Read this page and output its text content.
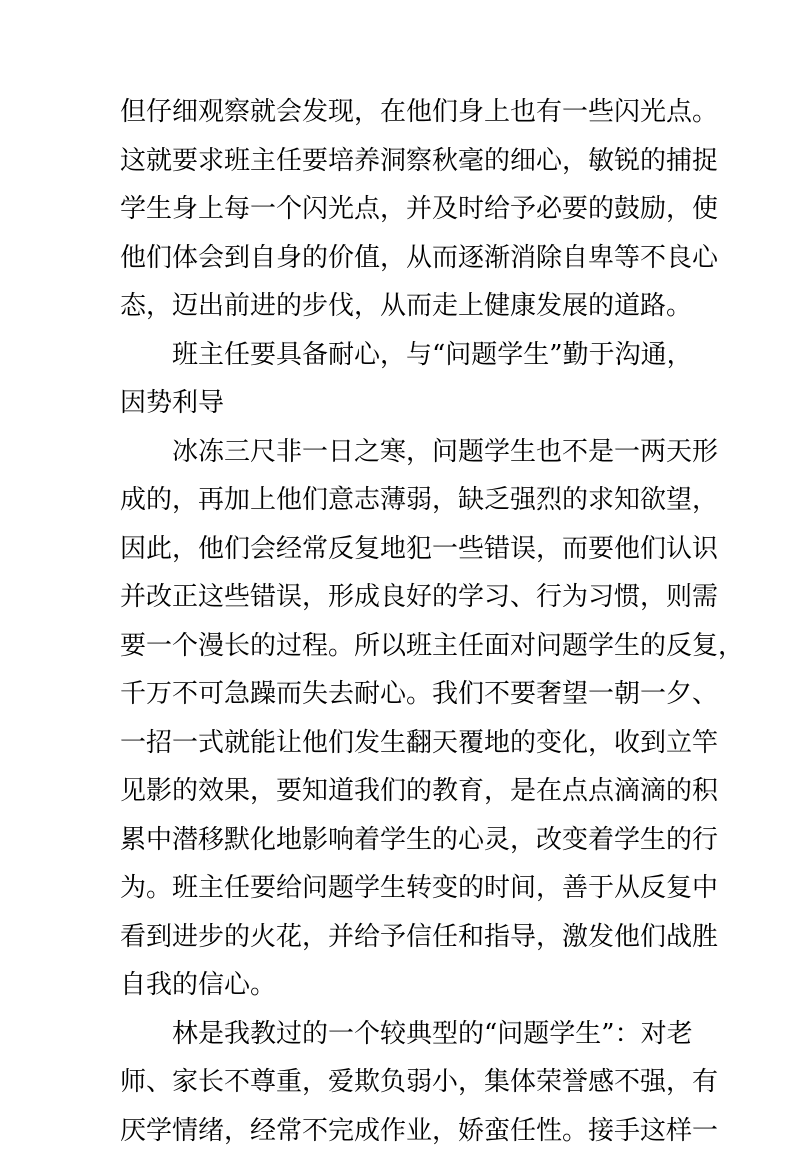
但仔细观察就会发现，在他们身上也有一些闪光点。
这就要求班主任要培养洞察秋毫的细心，敏锐的捕捉
学生身上每一个闪光点，并及时给予必要的鼓励，使
他们体会到自身的价值，从而逐渐消除自卑等不良心
态，迈出前进的步伐，从而走上健康发展的道路。
班主任要具备耐心，与“问题学生”勤于沟通，
因势利导
冰冻三尺非一日之寒，问题学生也不是一两天形
成的，再加上他们意志薄弱，缺乏强烈的求知欲望，
因此，他们会经常反复地犯一些错误，而要他们认识
并改正这些错误，形成良好的学习、行为习惯，则需
要一个漫长的过程。所以班主任面对问题学生的反复，
千万不可急躁而失去耐心。我们不要奢望一朝一夕、
一招一式就能让他们发生翻天覆地的变化，收到立竿
见影的效果，要知道我们的教育，是在点点滴滴的积
累中潜移默化地影响着学生的心灵，改变着学生的行
为。班主任要给问题学生转变的时间，善于从反复中
看到进步的火花，并给予信任和指导，激发他们战胜
自我的信心。
林是我教过的一个较典型的“问题学生”：对老
师、家长不尊重，爱欺负弱小，集体荣誉感不强，有
厌学情绪，经常不完成作业，娇蛮任性。接手这样一
